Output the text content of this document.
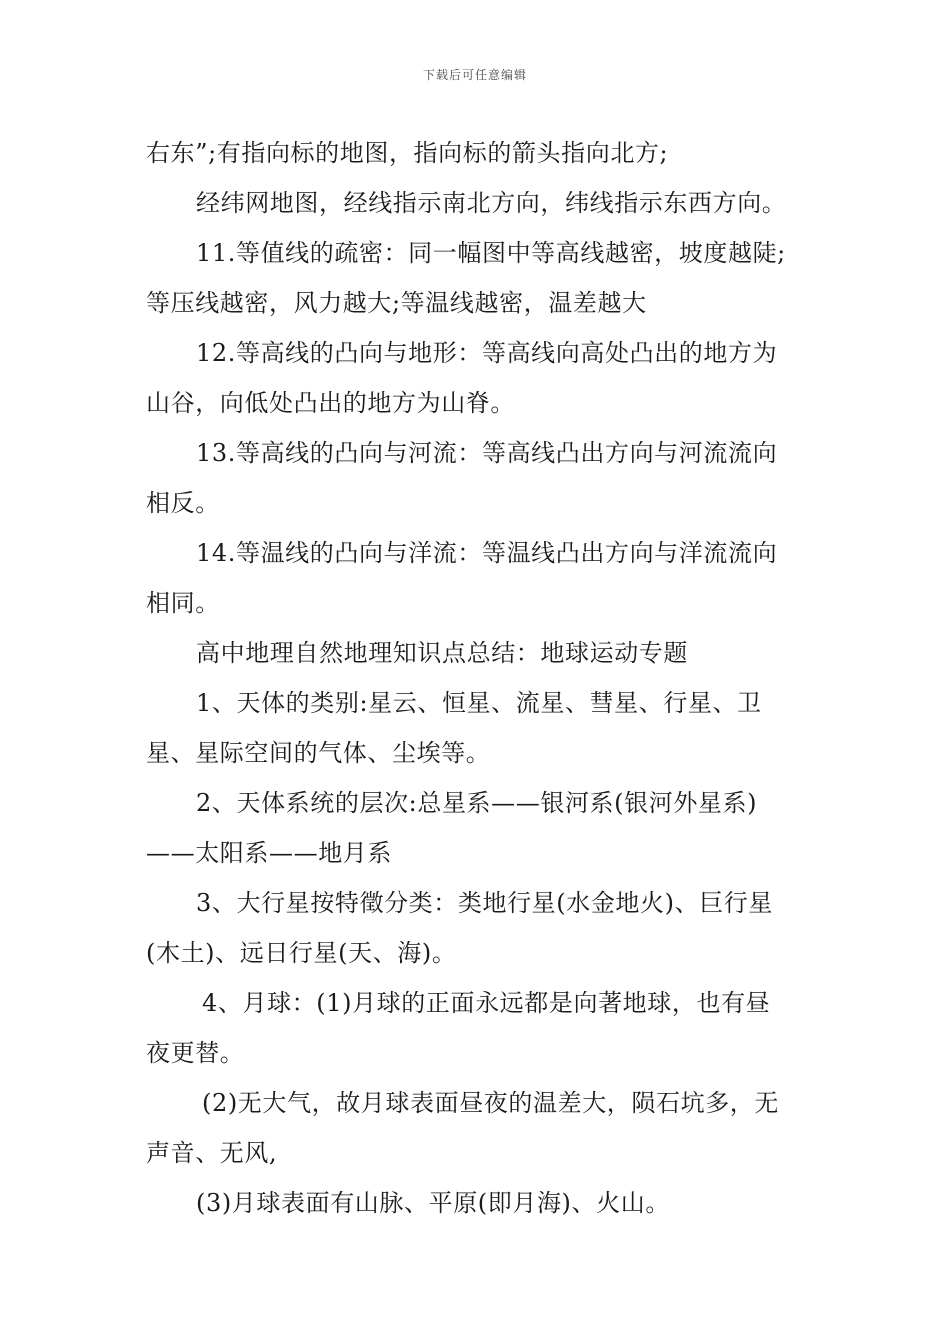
下载后可任意编辑
右东”;有指向标的地图，指向标的箭头指向北方;
经纬网地图，经线指示南北方向，纬线指示东西方向。
11.等值线的疏密：同一幅图中等高线越密，坡度越陡;
等压线越密，风力越大;等温线越密，温差越大
12.等高线的凸向与地形：等高线向高处凸出的地方为
山谷，向低处凸出的地方为山脊。
13.等高线的凸向与河流：等高线凸出方向与河流流向
相反。
14.等温线的凸向与洋流：等温线凸出方向与洋流流向
相同。
高中地理自然地理知识点总结：地球运动专题
1、天体的类别:星云、恒星、流星、彗星、行星、卫
星、星际空间的气体、尘埃等。
2、天体系统的层次:总星系——银河系(银河外星系)
——太阳系——地月系
3、大行星按特徵分类：类地行星(水金地火)、巨行星
(木土)、远日行星(天、海)。
4、月球：(1)月球的正面永远都是向著地球，也有昼
夜更替。
(2)无大气，故月球表面昼夜的温差大，陨石坑多，无
声音、无风,
(3)月球表面有山脉、平原(即月海)、火山。
